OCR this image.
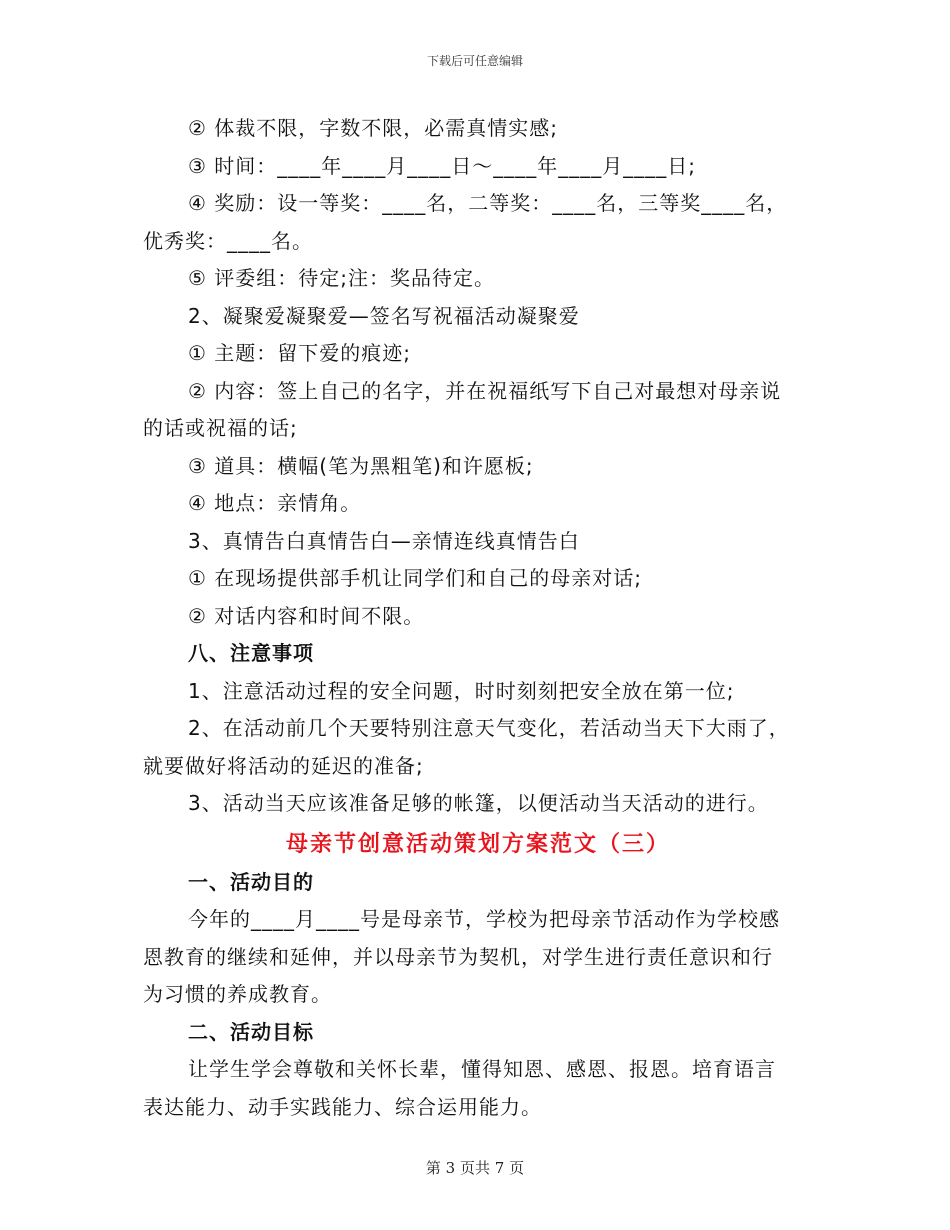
下载后可任意编辑

② 体裁不限，字数不限，必需真情实感;

③ 时间：____年____月____日～____年____月____日;

④ 奖励：设一等奖：____名，二等奖：____名，三等奖____名，

优秀奖：____名。

⑤ 评委组：待定;注：奖品待定。

2、凝聚爱凝聚爱—签名写祝福活动凝聚爱

① 主题：留下爱的痕迹;

② 内容：签上自己的名字，并在祝福纸写下自己对最想对母亲说

的话或祝福的话;

③ 道具：横幅(笔为黑粗笔)和许愿板;

④ 地点：亲情角。

3、真情告白真情告白—亲情连线真情告白

① 在现场提供部手机让同学们和自己的母亲对话;

② 对话内容和时间不限。

八、注意事项

1、注意活动过程的安全问题，时时刻刻把安全放在第一位;

2、在活动前几个天要特别注意天气变化，若活动当天下大雨了，

就要做好将活动的延迟的准备;

3、活动当天应该准备足够的帐篷，以便活动当天活动的进行。

母亲节创意活动策划方案范文（三）

一、活动目的

今年的____月____号是母亲节，学校为把母亲节活动作为学校感

恩教育的继续和延伸，并以母亲节为契机，对学生进行责任意识和行

为习惯的养成教育。

二、活动目标

让学生学会尊敬和关怀长辈，懂得知恩、感恩、报恩。培育语言

表达能力、动手实践能力、综合运用能力。

第 3 页共 7 页
